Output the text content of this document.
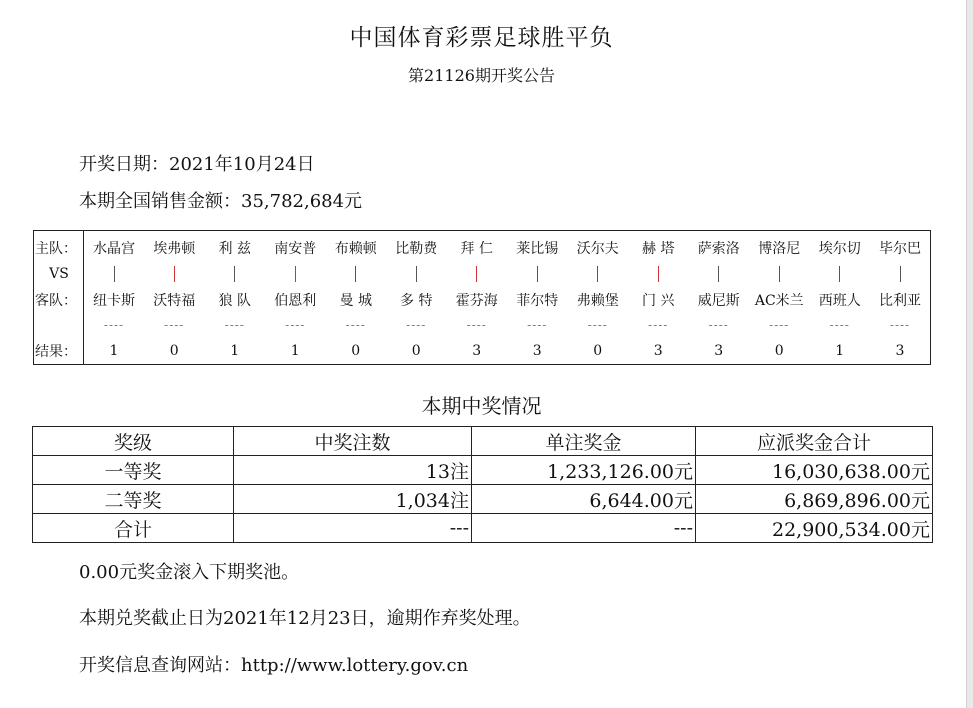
中国体育彩票足球胜平负
第21126期开奖公告
开奖日期：2021年10月24日
本期全国销售金额：35,782,684元
主队：	水晶宫	埃弗顿	利 兹	南安普	布赖顿	比勒费	拜 仁	莱比锡	沃尔夫	赫 塔	萨索洛	博洛尼	埃尔切	毕尔巴
VS														
客队：	纽卡斯	沃特福	狼 队	伯恩利	曼 城	多 特	霍芬海	菲尔特	弗赖堡	门 兴	威尼斯	AC米兰	西班人	比利亚
	----	----	----	----	----	----	----	----	----	----	----	----	----	----
结果：	1	0	1	1	0	0	3	3	0	3	3	0	1	3
本期中奖情况
奖级	中奖注数	单注奖金	应派奖金合计
一等奖	13注	1,233,126.00元	16,030,638.00元
二等奖	1,034注	6,644.00元	6,869,896.00元
合计	---	---	22,900,534.00元
0.00元奖金滚入下期奖池。
本期兑奖截止日为2021年12月23日，逾期作弃奖处理。
开奖信息查询网站：http://www.lottery.gov.cn
